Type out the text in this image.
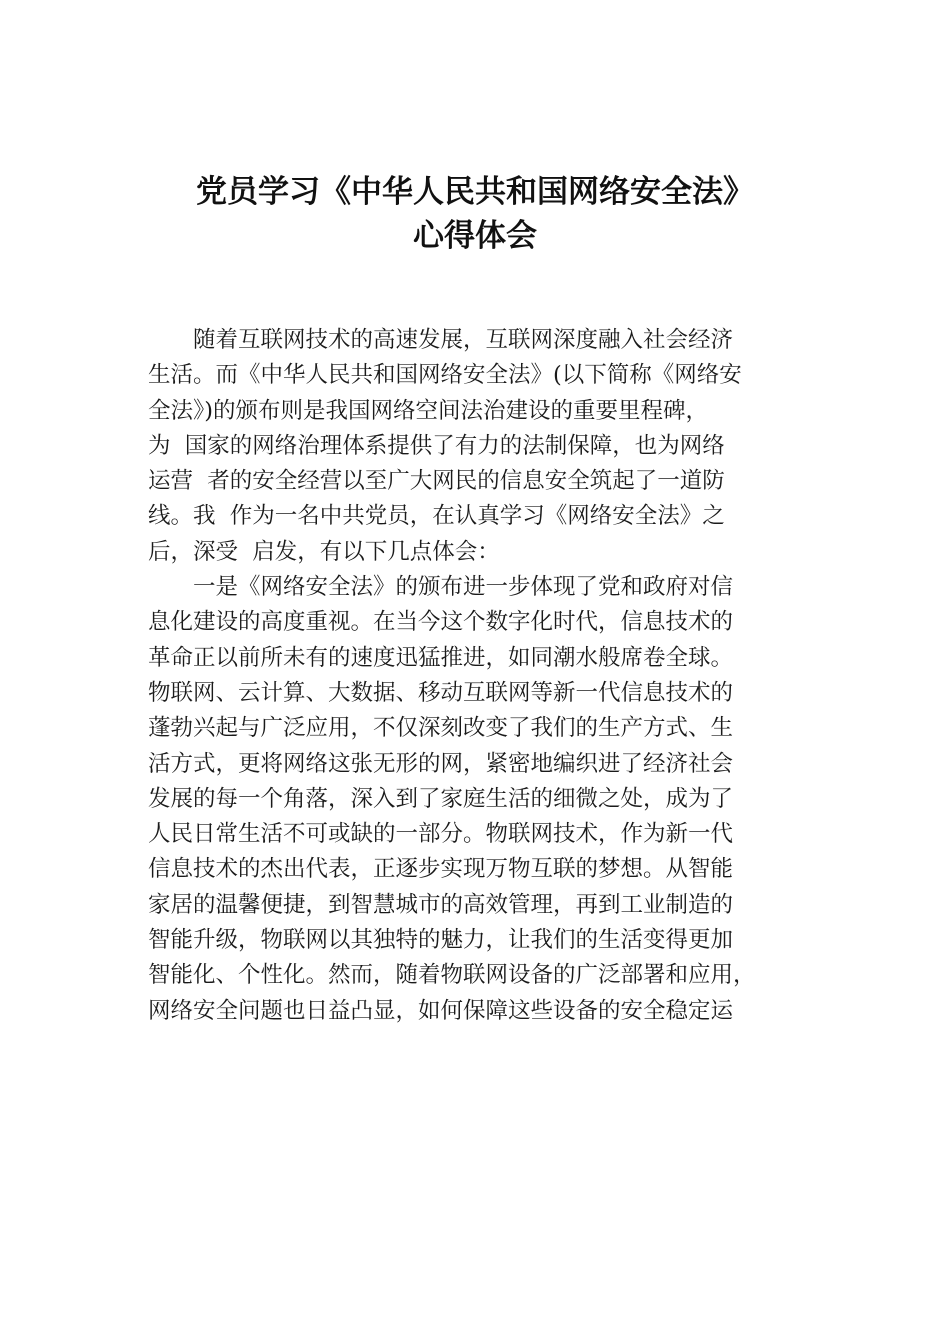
党员学习《中华人民共和国网络安全法》
心得体会
随着互联网技术的高速发展，互联网深度融入社会经济
生活。而《中华人民共和国网络安全法》(以下简称《网络安
全法》)的颁布则是我国网络空间法治建设的重要里程碑，
为  国家的网络治理体系提供了有力的法制保障，也为网络
运营  者的安全经营以至广大网民的信息安全筑起了一道防
线。我  作为一名中共党员，在认真学习《网络安全法》之
后，深受  启发，有以下几点体会：
一是《网络安全法》的颁布进一步体现了党和政府对信
息化建设的高度重视。在当今这个数字化时代，信息技术的
革命正以前所未有的速度迅猛推进，如同潮水般席卷全球。
物联网、云计算、大数据、移动互联网等新一代信息技术的
蓬勃兴起与广泛应用，不仅深刻改变了我们的生产方式、生
活方式，更将网络这张无形的网，紧密地编织进了经济社会
发展的每一个角落，深入到了家庭生活的细微之处，成为了
人民日常生活不可或缺的一部分。物联网技术，作为新一代
信息技术的杰出代表，正逐步实现万物互联的梦想。从智能
家居的温馨便捷，到智慧城市的高效管理，再到工业制造的
智能升级，物联网以其独特的魅力，让我们的生活变得更加
智能化、个性化。然而，随着物联网设备的广泛部署和应用，
网络安全问题也日益凸显，如何保障这些设备的安全稳定运
